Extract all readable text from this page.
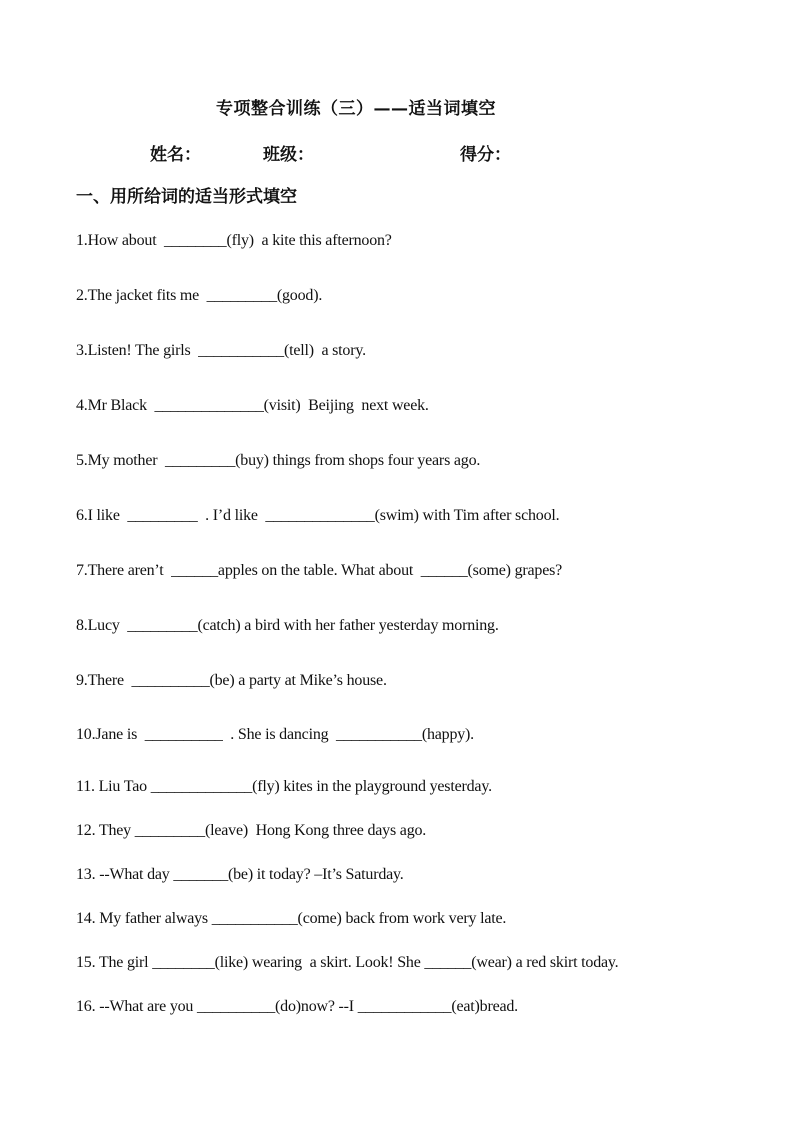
专项整合训练（三）——适当词填空
姓名：	班级：	得分：
一、用所给词的适当形式填空
1.How about  ________(fly)  a kite this afternoon?
2.The jacket fits me  _________(good).
3.Listen! The girls  ___________(tell)  a story.
4.Mr Black  ______________(visit)  Beijing  next week.
5.My mother  _________(buy) things from shops four years ago.
6.I like  _________  . I’d like  ______________(swim) with Tim after school.
7.There aren’t  ______apples on the table. What about  ______(some) grapes?
8.Lucy  _________(catch) a bird with her father yesterday morning.
9.There  __________(be) a party at Mike’s house.
10.Jane is  __________  . She is dancing  ___________(happy).
11. Liu Tao _____________(fly) kites in the playground yesterday.
12. They _________(leave)  Hong Kong three days ago.
13. --What day _______(be) it today? –It’s Saturday.
14. My father always ___________(come) back from work very late.
15. The girl ________(like) wearing  a skirt. Look! She ______(wear) a red skirt today.
16. --What are you __________(do)now? --I ____________(eat)bread.
